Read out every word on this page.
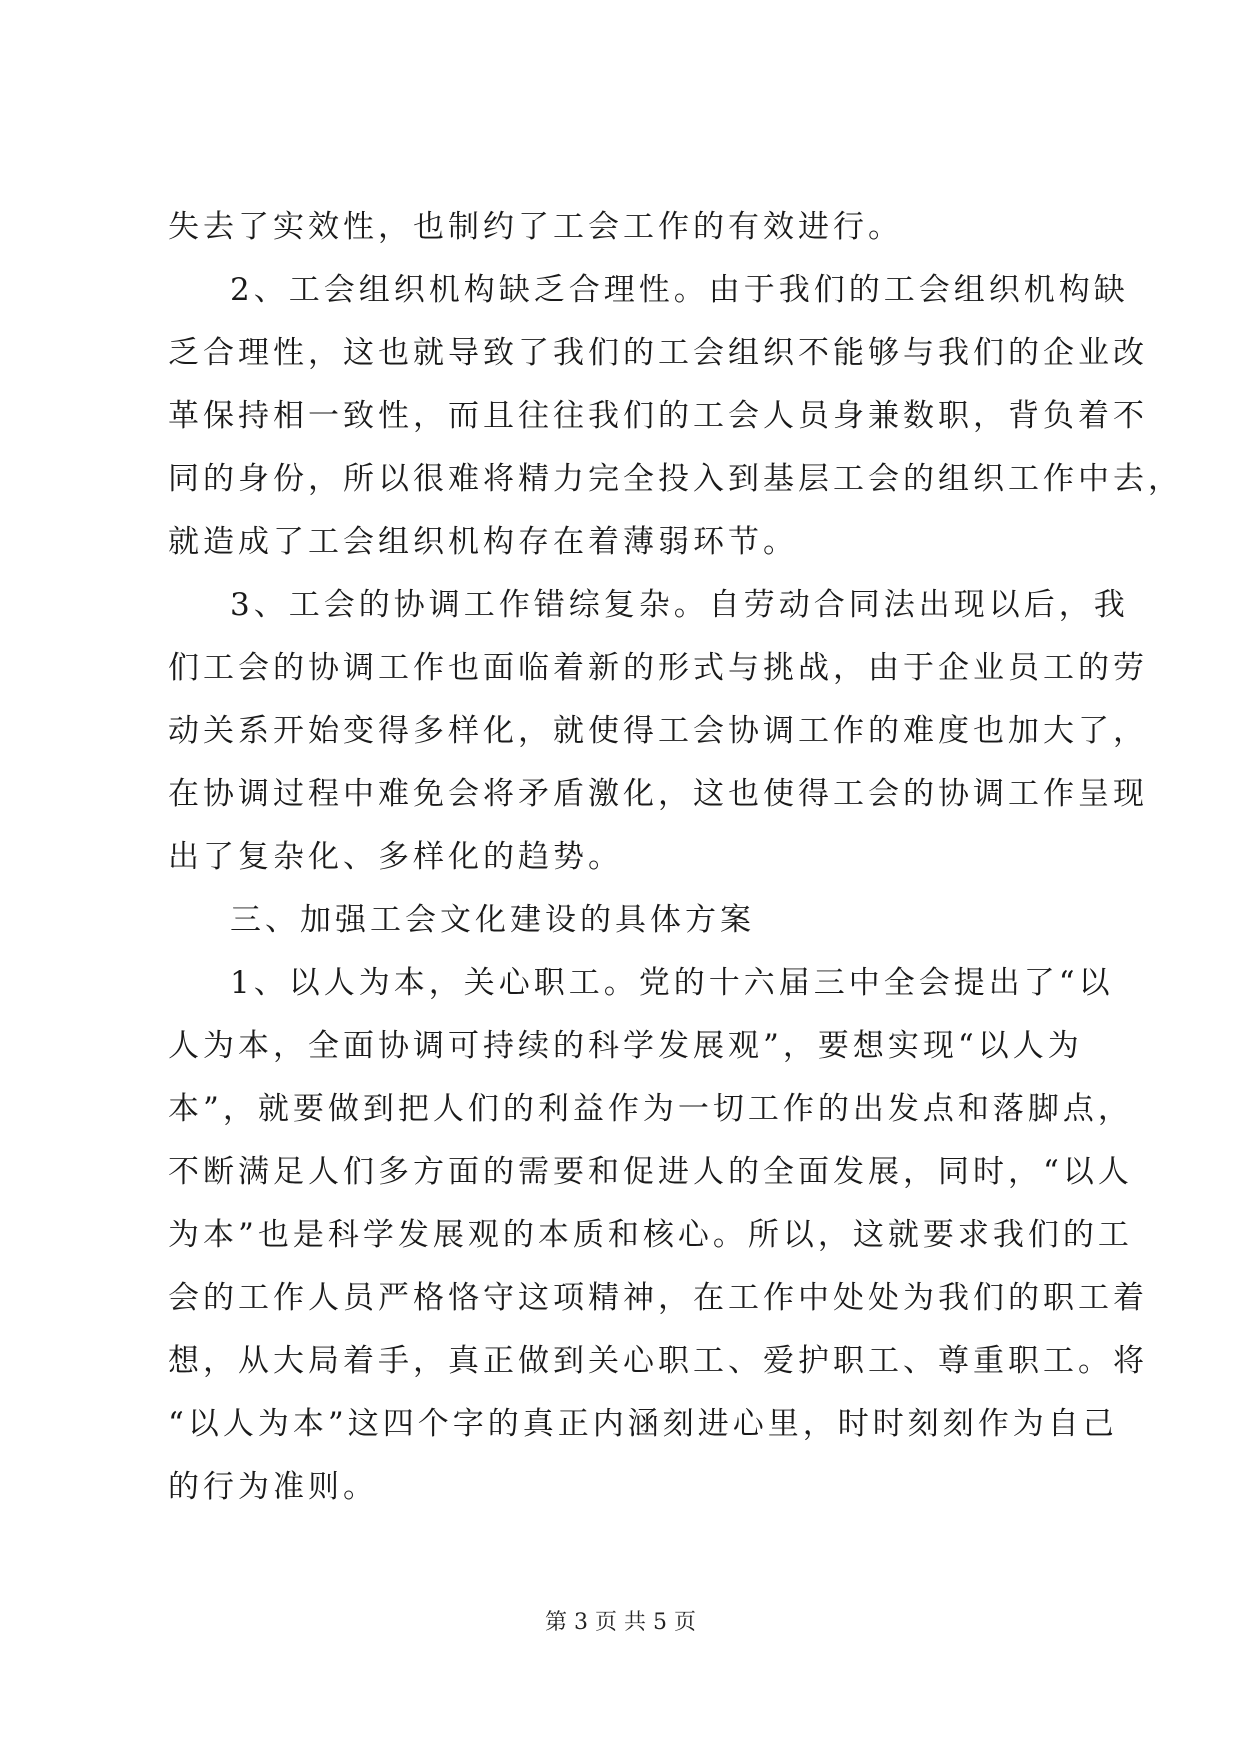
失去了实效性，也制约了工会工作的有效进行。
2、工会组织机构缺乏合理性。由于我们的工会组织机构缺
乏合理性，这也就导致了我们的工会组织不能够与我们的企业改
革保持相一致性，而且往往我们的工会人员身兼数职，背负着不
同的身份，所以很难将精力完全投入到基层工会的组织工作中去，
就造成了工会组织机构存在着薄弱环节。
3、工会的协调工作错综复杂。自劳动合同法出现以后，我
们工会的协调工作也面临着新的形式与挑战，由于企业员工的劳
动关系开始变得多样化，就使得工会协调工作的难度也加大了，
在协调过程中难免会将矛盾激化，这也使得工会的协调工作呈现
出了复杂化、多样化的趋势。
三、加强工会文化建设的具体方案
1、以人为本，关心职工。党的十六届三中全会提出了“以
人为本，全面协调可持续的科学发展观”，要想实现“以人为
本”，就要做到把人们的利益作为一切工作的出发点和落脚点，
不断满足人们多方面的需要和促进人的全面发展，同时，“以人
为本”也是科学发展观的本质和核心。所以，这就要求我们的工
会的工作人员严格恪守这项精神，在工作中处处为我们的职工着
想，从大局着手，真正做到关心职工、爱护职工、尊重职工。将
“以人为本”这四个字的真正内涵刻进心里，时时刻刻作为自己
的行为准则。
第 3 页 共 5 页
